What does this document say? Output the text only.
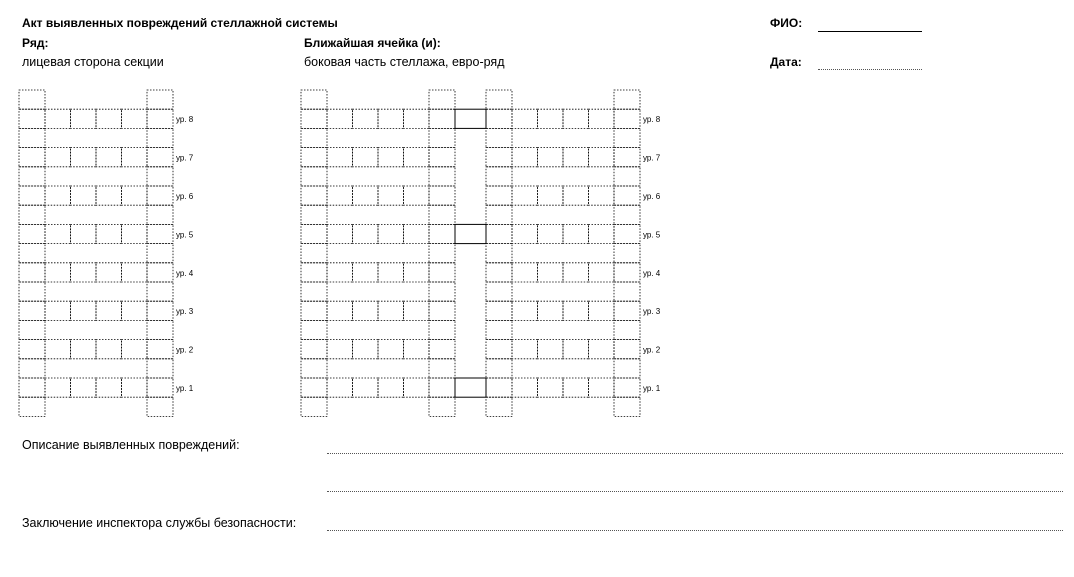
Акт выявленных повреждений стеллажной системы
Ряд:
лицевая сторона секции
Ближайшая ячейка (и):
боковая часть стеллажа, евро-ряд
ФИО:
Дата:
ур. 8
ур. 7
ур. 6
ур. 5
ур. 4
ур. 3
ур. 2
ур. 1
ур. 8
ур. 7
ур. 6
ур. 5
ур. 4
ур. 3
ур. 2
ур. 1
Описание выявленных повреждений:
Заключение инспектора службы безопасности:
